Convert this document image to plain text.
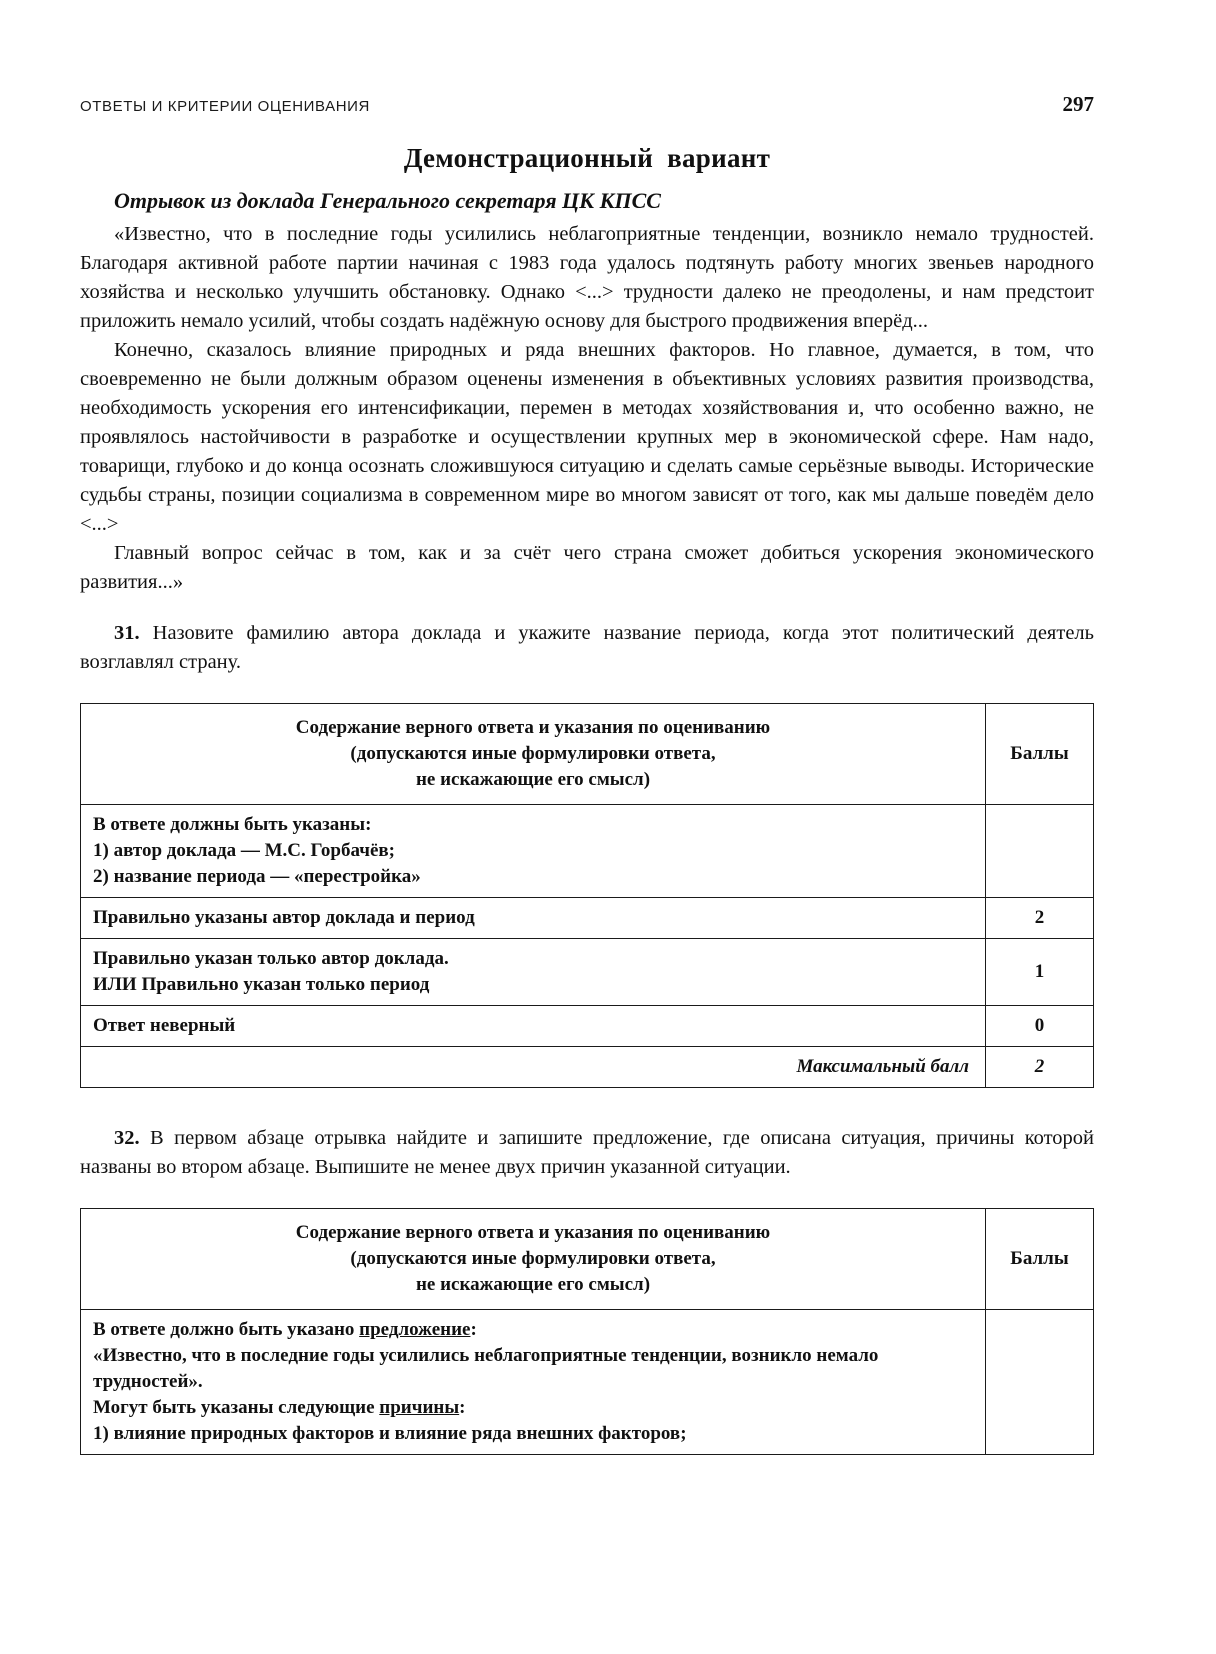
ОТВЕТЫ И КРИТЕРИИ ОЦЕНИВАНИЯ	297
Демонстрационный вариант
Отрывок из доклада Генерального секретаря ЦК КПСС

«Известно, что в последние годы усилились неблагоприятные тенденции, возникло немало трудностей. Благодаря активной работе партии начиная с 1983 года удалось подтянуть работу многих звеньев народного хозяйства и несколько улучшить обстановку. Однако <...> трудности далеко не преодолены, и нам предстоит приложить немало усилий, чтобы создать надёжную основу для быстрого продвижения вперёд...

Конечно, сказалось влияние природных и ряда внешних факторов. Но главное, думается, в том, что своевременно не были должным образом оценены изменения в объективных условиях развития производства, необходимость ускорения его интенсификации, перемен в методах хозяйствования и, что особенно важно, не проявлялось настойчивости в разработке и осуществлении крупных мер в экономической сфере. Нам надо, товарищи, глубоко и до конца осознать сложившуюся ситуацию и сделать самые серьёзные выводы. Исторические судьбы страны, позиции социализма в современном мире во многом зависят от того, как мы дальше поведём дело <...>

Главный вопрос сейчас в том, как и за счёт чего страна сможет добиться ускорения экономического развития...»

31. Назовите фамилию автора доклада и укажите название периода, когда этот политический деятель возглавлял страну.

Содержание верного ответа и указания по оцениванию
(допускаются иные формулировки ответа,
не искажающие его смысл)	Баллы

В ответе должны быть указаны:
1) автор доклада — М.С. Горбачёв;
2) название периода — «перестройка»	

Правильно указаны автор доклада и период	2

Правильно указан только автор доклада.
ИЛИ Правильно указан только период	1
Ответ неверный	0
Максимальный балл	2

32. В первом абзаце отрывка найдите и запишите предложение, где описана ситуация, причины которой названы во втором абзаце. Выпишите не менее двух причин указанной ситуации.

Содержание верного ответа и указания по оцениванию
(допускаются иные формулировки ответа,
не искажающие его смысл)	Баллы

В ответе должно быть указано предложение:
«Известно, что в последние годы усилились неблагоприятные тенденции, возникло немало трудностей».
Могут быть указаны следующие причины:
1) влияние природных факторов и влияние ряда внешних факторов;	
